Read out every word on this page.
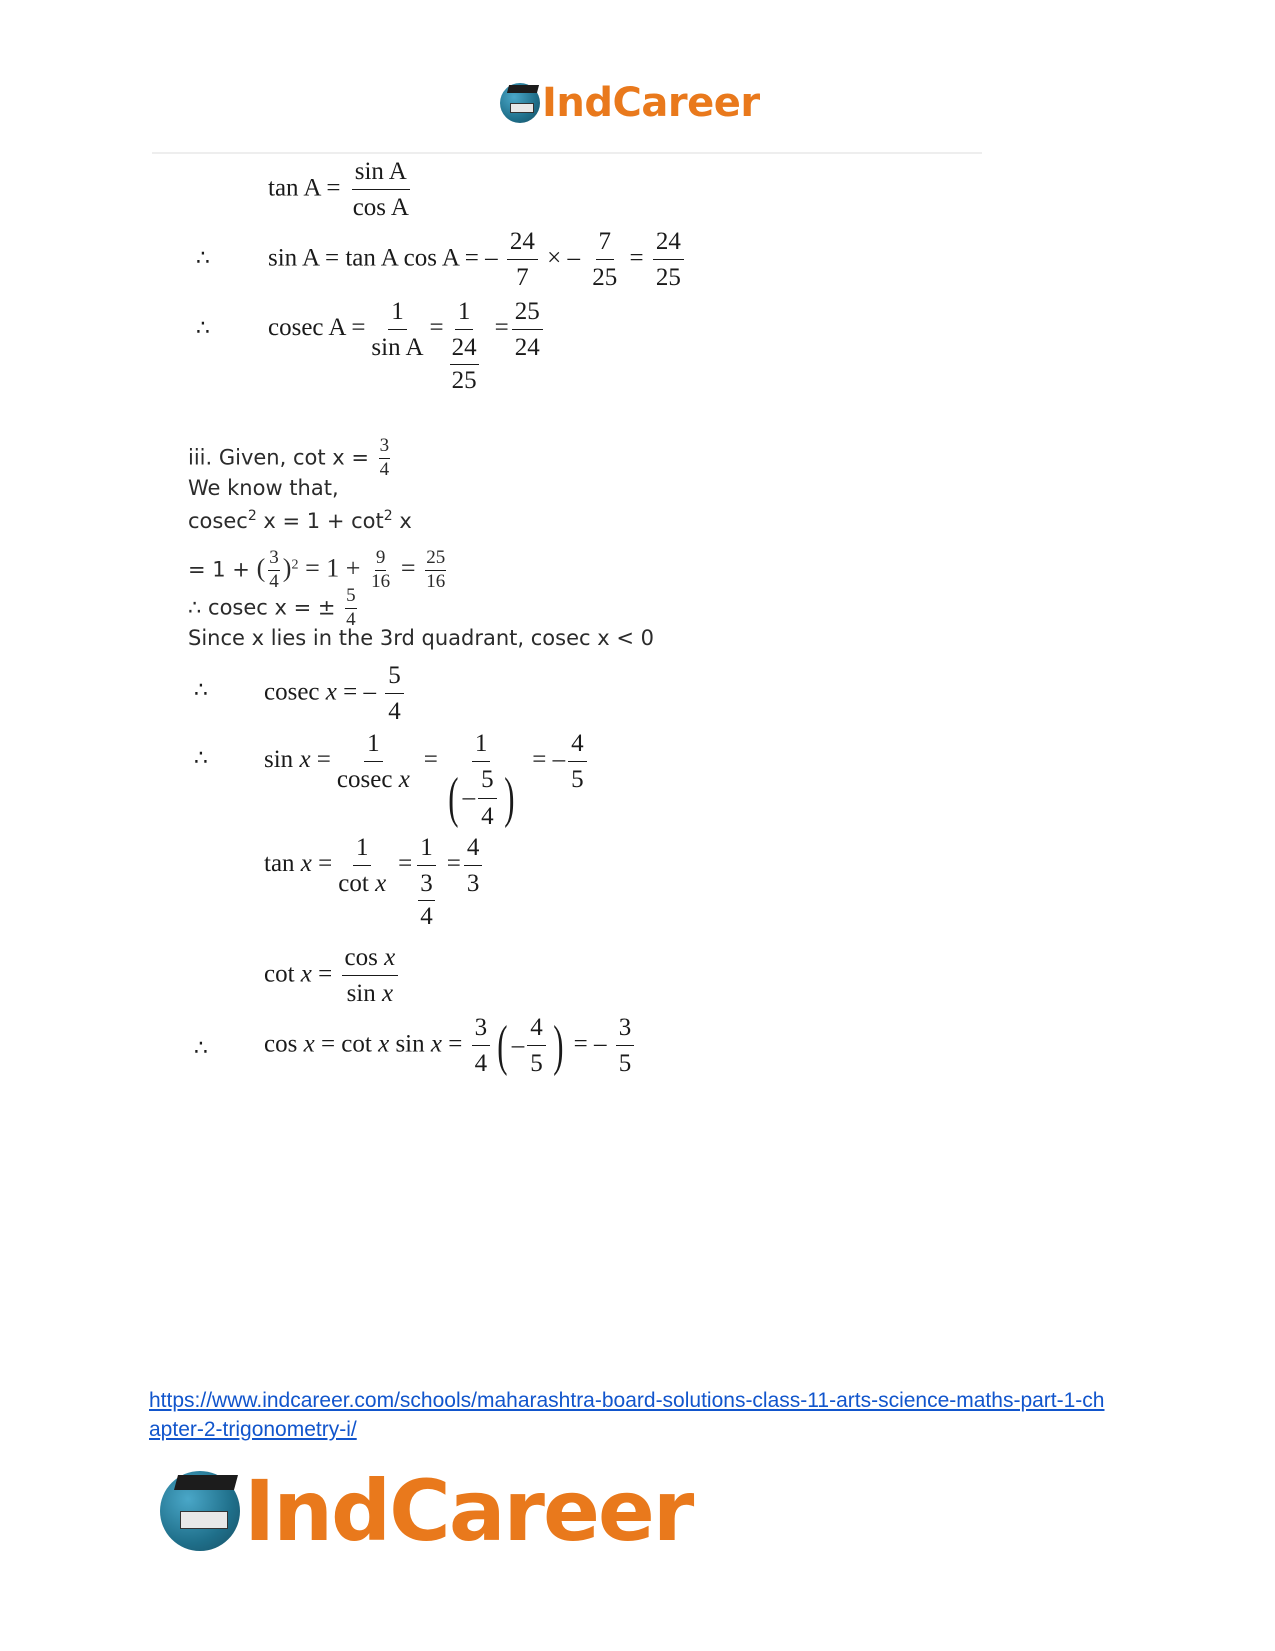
IndCareer
$\tan A = \frac{\text{sin A}}{\text{cos A}}$
∴ sin A = tan A cos A = – $\frac{24}{7}$ × – $\frac{7}{25} = \frac{24}{25}$
∴ cosec $A = \frac{1}{\text{sin A}} = 1$
24
$25 = \frac{25}{24}$
iii. Given, $\cot x = \frac{3}{4}$
We know that,
cosec$^2$ $x = 1 + \cot^2 x$
= 1 + ( $\frac{3}{4} )^2 = 1 + \frac{9}{16} = \frac{25}{16}$
∴ cosec x = ± $\frac{5}{4}$
Since x lies in the 3rd quadrant, cosec x < 0
∴ cosec x = – $\frac{5}{4}$
∴ $\sin x = \frac{1}{\text{cosec x}} = \frac{1}{( - \frac{5}{4} )}$ = – $\frac{4}{5}$
$\tan x = \frac{1}{\text{cot x}} = 1$
3
$4 = \frac{4}{3}$
$\cot x = \frac{\text{cos x}}{\text{sin x}}$
∴ cos x = cot x $\sin x = \frac{3}{4}$ ( – $\frac{4}{5}$ ) = – $\frac{3}{5}$
https://www.indcareer.com/schools/maharashtra-board-solutions-class-11-arts-science-maths-part-1-chapter-2-trigonometry-i/
IndCareer
